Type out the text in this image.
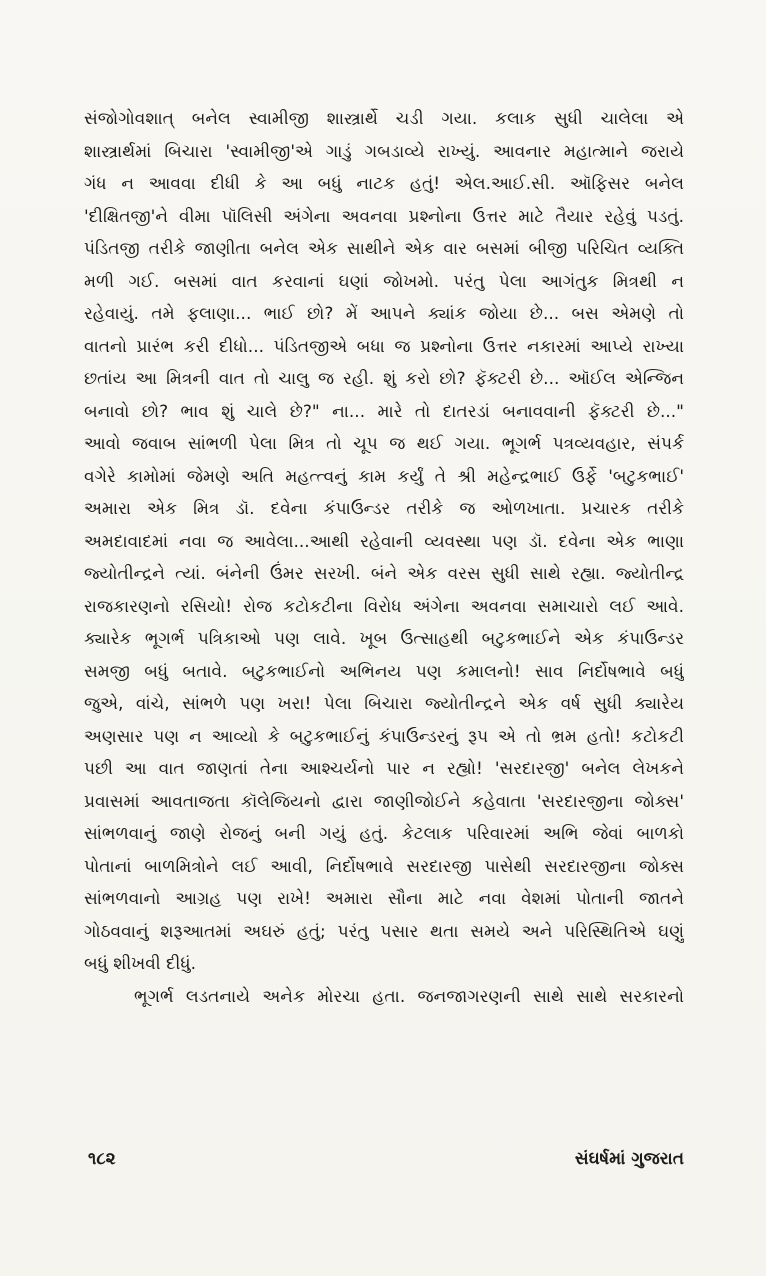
સંજોગોવશાત્ બનેલ સ્વામીજી શાસ્ત્રાર્થે ચડી ગયા. કલાક સુધી ચાલેલા એ
શાસ્ત્રાર્થમાં બિચારા 'સ્વામીજી'એ ગાડું ગબડાવ્યે રાખ્યું. આવનાર મહાત્માને જરાયે
ગંધ ન આવવા દીધી કે આ બધું નાટક હતું! એલ.આઈ.સી. ઑફિસર બનેલ
'દીક્ષિતજી'ને વીમા પૉલિસી અંગેના અવનવા પ્રશ્નોના ઉત્તર માટે તૈયાર રહેવું પડતું.
પંડિતજી તરીકે જાણીતા બનેલ એક સાથીને એક વાર બસમાં બીજી પરિચિત વ્યક્તિ
મળી ગઈ. બસમાં વાત કરવાનાં ઘણાં જોખમો. પરંતુ પેલા આગંતુક મિત્રથી ન
રહેવાયું. તમે ફલાણા... ભાઈ છો? મેં આપને ક્યાંક જોયા છે... બસ એમણે તો
વાતનો પ્રારંભ કરી દીધો... પંડિતજીએ બધા જ પ્રશ્નોના ઉત્તર નકારમાં આપ્યે રાખ્યા
છતાંય આ મિત્રની વાત તો ચાલુ જ રહી. શું કરો છો? ફૅક્ટરી છે... ઑઈલ એન્જિન
બનાવો છો? ભાવ શું ચાલે છે?" ના... મારે તો દાતરડાં બનાવવાની ફૅક્ટરી છે..."
આવો જવાબ સાંભળી પેલા મિત્ર તો ચૂપ જ થઈ ગયા. ભૂગર્ભ પત્રવ્યવહાર, સંપર્ક
વગેરે કામોમાં જેમણે અતિ મહત્ત્વનું કામ કર્યું તે શ્રી મહેન્દ્રભાઈ ઉર્ફે 'બટુકભાઈ'
અમારા એક મિત્ર ડૉ. દવેના કંપાઉન્ડર તરીકે જ ઓળખાતા. પ્રચારક તરીકે
અમદાવાદમાં નવા જ આવેલા...આથી રહેવાની વ્યવસ્થા પણ ડૉ. દવેના એક ભાણા
જ્યોતીન્દ્રને ત્યાં. બંનેની ઉંમર સરખી. બંને એક વરસ સુધી સાથે રહ્યા. જ્યોતીન્દ્ર
રાજકારણનો રસિયો! રોજ કટોકટીના વિરોધ અંગેના અવનવા સમાચારો લઈ આવે.
ક્યારેક ભૂગર્ભ પત્રિકાઓ પણ લાવે. ખૂબ ઉત્સાહથી બટુકભાઈને એક કંપાઉન્ડર
સમજી બધું બતાવે. બટુકભાઈનો અભિનય પણ કમાલનો! સાવ નિર્દોષભાવે બધું
જુએ, વાંચે, સાંભળે પણ ખરા! પેલા બિચારા જ્યોતીન્દ્રને એક વર્ષ સુધી ક્યારેય
અણસાર પણ ન આવ્યો કે બટુકભાઈનું કંપાઉન્ડરનું રૂપ એ તો ભ્રમ હતો! કટોકટી
પછી આ વાત જાણતાં તેના આશ્ચર્યનો પાર ન રહ્યો! 'સરદારજી' બનેલ લેખકને
પ્રવાસમાં આવતાજતા કૉલેજિયનો દ્વારા જાણીજોઈને કહેવાતા 'સરદારજીના જોક્સ'
સાંભળવાનું જાણે રોજનું બની ગયું હતું. કેટલાક પરિવારમાં અભિ જેવાં બાળકો
પોતાનાં બાળમિત્રોને લઈ આવી, નિર્દોષભાવે સરદારજી પાસેથી સરદારજીના જોક્સ
સાંભળવાનો આગ્રહ પણ રાખે! અમારા સૌના માટે નવા વેશમાં પોતાની જાતને
ગોઠવવાનું શરૂઆતમાં અઘરું હતું; પરંતુ પસાર થતા સમયે અને પરિસ્થિતિએ ઘણું
બધું શીખવી દીધું.
ભૂગર્ભ લડતનાયે અનેક મોરચા હતા. જનજાગરણની સાથે સાથે સરકારનો
૧૮૨	સંઘર્ષમાં ગુજરાત
